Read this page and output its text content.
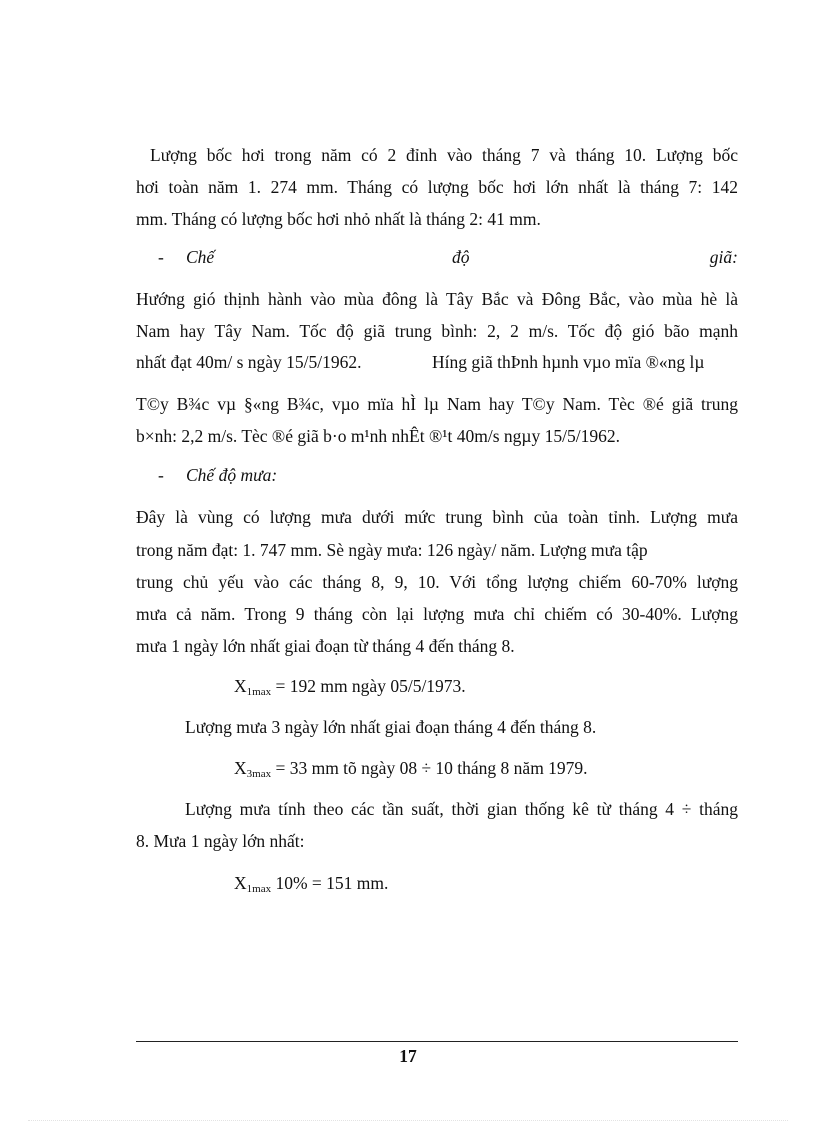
Lượng bốc hơi trong năm có 2 đỉnh vào tháng 7 và tháng 10. Lượng bốc
hơi toàn năm 1. 274 mm. Tháng có lượng bốc hơi lớn nhất là tháng 7: 142
mm. Tháng có lượng bốc hơi nhỏ nhất là tháng 2: 41 mm.
- Chế	độ	giã:
Hướng gió thịnh hành vào mùa đông là Tây Bắc và Đông Bắc, vào mùa hè là
Nam hay Tây Nam. Tốc độ giã trung bình: 2, 2 m/s. Tốc độ gió bão mạnh
nhất đạt 40m/ s ngày 15/5/1962.	Híng giã thÞnh hµnh vµo mïa ®«ng lµ
T©y B¾c vµ §«ng B¾c, vµo mïa hÌ lµ Nam hay T©y Nam. Tèc ®é giã trung
b×nh: 2,2 m/s. Tèc ®é giã b·o m¹nh nhÊt ®¹t 40m/s ngµy 15/5/1962.
- Chế độ mưa:
Đây là vùng có lượng mưa dưới mức trung bình của toàn tỉnh. Lượng mưa
trong năm đạt: 1. 747 mm. Sè ngày mưa: 126 ngày/ năm. Lượng mưa tập
trung chủ yếu vào các tháng 8, 9, 10. Với tổng lượng chiếm 60-70% lượng
mưa cả năm. Trong 9 tháng còn lại lượng mưa chỉ chiếm có 30-40%. Lượng
mưa 1 ngày lớn nhất giai đoạn từ tháng 4 đến tháng 8.
$X_{1max} = 192$ mm ngày 05/5/1973.
Lượng mưa 3 ngày lớn nhất giai đoạn tháng 4 đến tháng 8.
$X_{3max} = 33$ mm tõ ngày 08 ÷ 10 tháng 8 năm 1979.
Lượng mưa tính theo các tần suất, thời gian thống kê từ tháng 4 ÷ tháng
8. Mưa 1 ngày lớn nhất:
$X_{1max}$ 10% = 151 mm.
17
